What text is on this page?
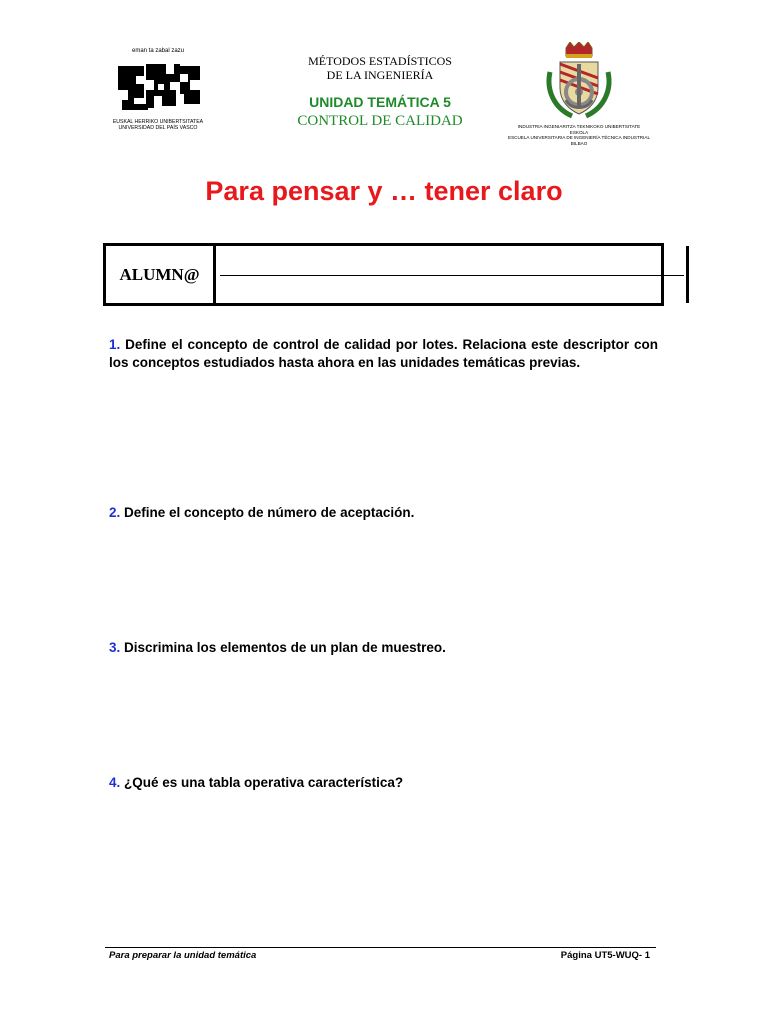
eman ta zabal zazu
EUSKAL HERRIKO UNIBERTSITATEA
UNIVERSIDAD DEL PAÍS VASCO
MÉTODOS ESTADÍSTICOS
DE LA INGENIERÍA
UNIDAD TEMÁTICA 5
CONTROL DE CALIDAD	INDUSTRIA INGENIARITZA TEKNIKOKO UNIBERTSITATE ESKOLA
ESCUELA UNIVERSITARIA DE INGENIERÍA TÉCNICA INDUSTRIAL
BILBAO
Para pensar y … tener claro
ALUMN@
1. Define el concepto de control de calidad por lotes. Relaciona este descriptor con los conceptos estudiados hasta ahora en las unidades temáticas previas.
2. Define el concepto de número de aceptación.
3. Discrimina los elementos de un plan de muestreo.
4. ¿Qué es una tabla operativa característica?
Para preparar la unidad temática	Página UT5-WUQ- 1
